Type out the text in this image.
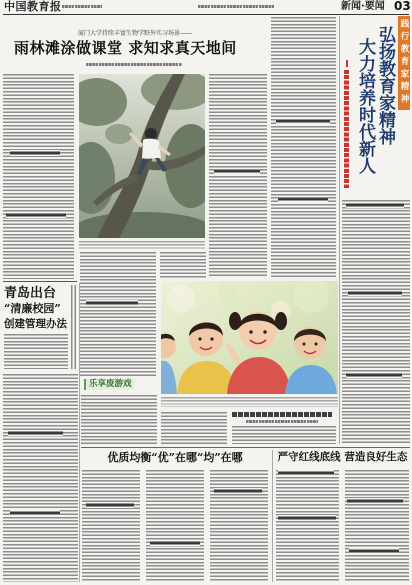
中国教育报	新闻·要闻 03
厦门大学持续丰富生物学野外实习场景——
雨林滩涂做课堂 求知求真天地间	践行教育家精神
弘扬教育家精神
大力培养时代新人
乐享废游戏
青岛出台
“清廉校园”
创建管理办法
优质均衡“优”在哪“均”在哪	严守红线底线 营造良好生态
